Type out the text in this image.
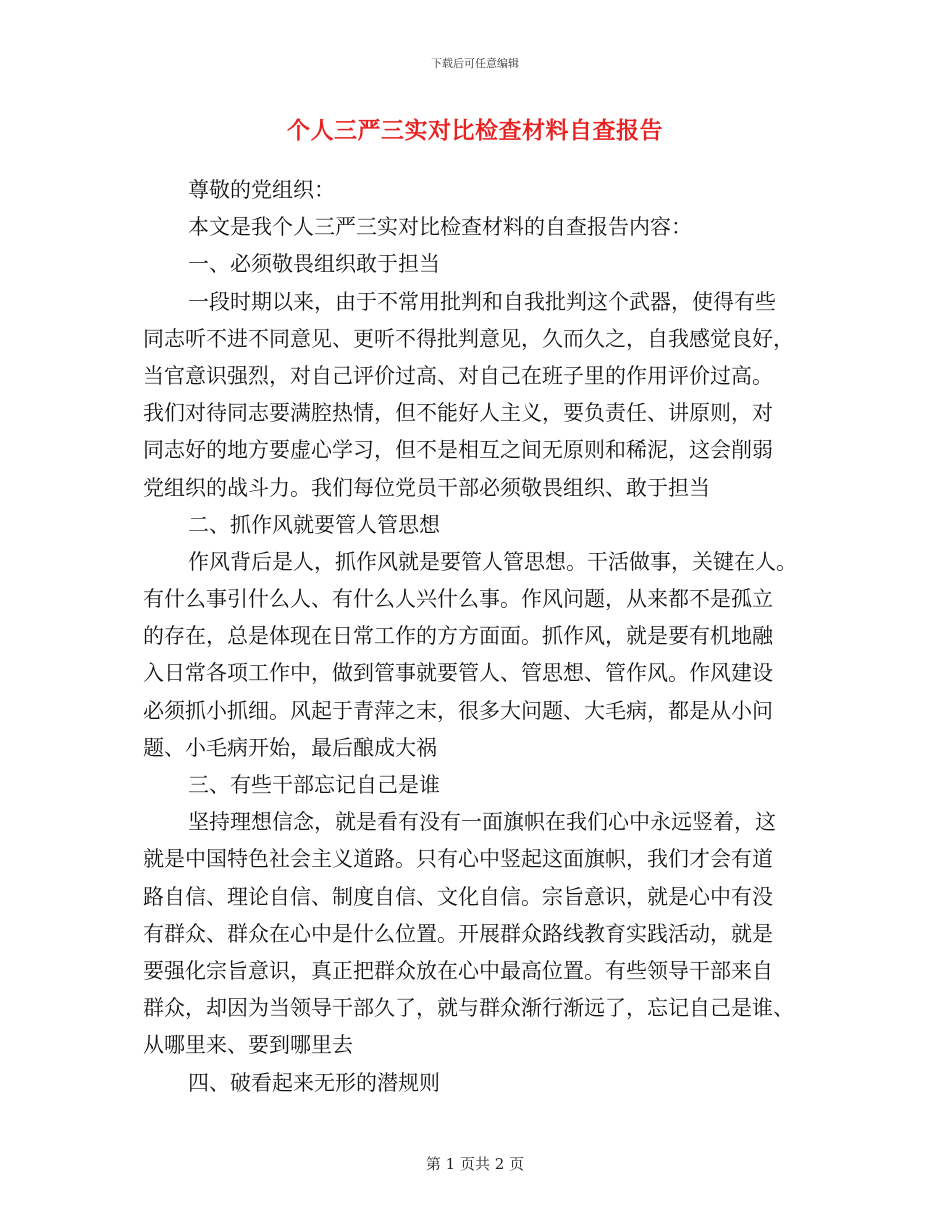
下载后可任意编辑
个人三严三实对比检查材料自查报告
尊敬的党组织：
本文是我个人三严三实对比检查材料的自查报告内容：
一、必须敬畏组织敢于担当
一段时期以来，由于不常用批判和自我批判这个武器，使得有些
同志听不进不同意见、更听不得批判意见，久而久之，自我感觉良好，
当官意识强烈，对自己评价过高、对自己在班子里的作用评价过高。
我们对待同志要满腔热情，但不能好人主义，要负责任、讲原则，对
同志好的地方要虚心学习，但不是相互之间无原则和稀泥，这会削弱
党组织的战斗力。我们每位党员干部必须敬畏组织、敢于担当
二、抓作风就要管人管思想
作风背后是人，抓作风就是要管人管思想。干活做事，关键在人。
有什么事引什么人、有什么人兴什么事。作风问题，从来都不是孤立
的存在，总是体现在日常工作的方方面面。抓作风，就是要有机地融
入日常各项工作中，做到管事就要管人、管思想、管作风。作风建设
必须抓小抓细。风起于青萍之末，很多大问题、大毛病，都是从小问
题、小毛病开始，最后酿成大祸
三、有些干部忘记自己是谁
坚持理想信念，就是看有没有一面旗帜在我们心中永远竖着，这
就是中国特色社会主义道路。只有心中竖起这面旗帜，我们才会有道
路自信、理论自信、制度自信、文化自信。宗旨意识，就是心中有没
有群众、群众在心中是什么位置。开展群众路线教育实践活动，就是
要强化宗旨意识，真正把群众放在心中最高位置。有些领导干部来自
群众，却因为当领导干部久了，就与群众渐行渐远了，忘记自己是谁、
从哪里来、要到哪里去
四、破看起来无形的潜规则
第 1 页共 2 页
